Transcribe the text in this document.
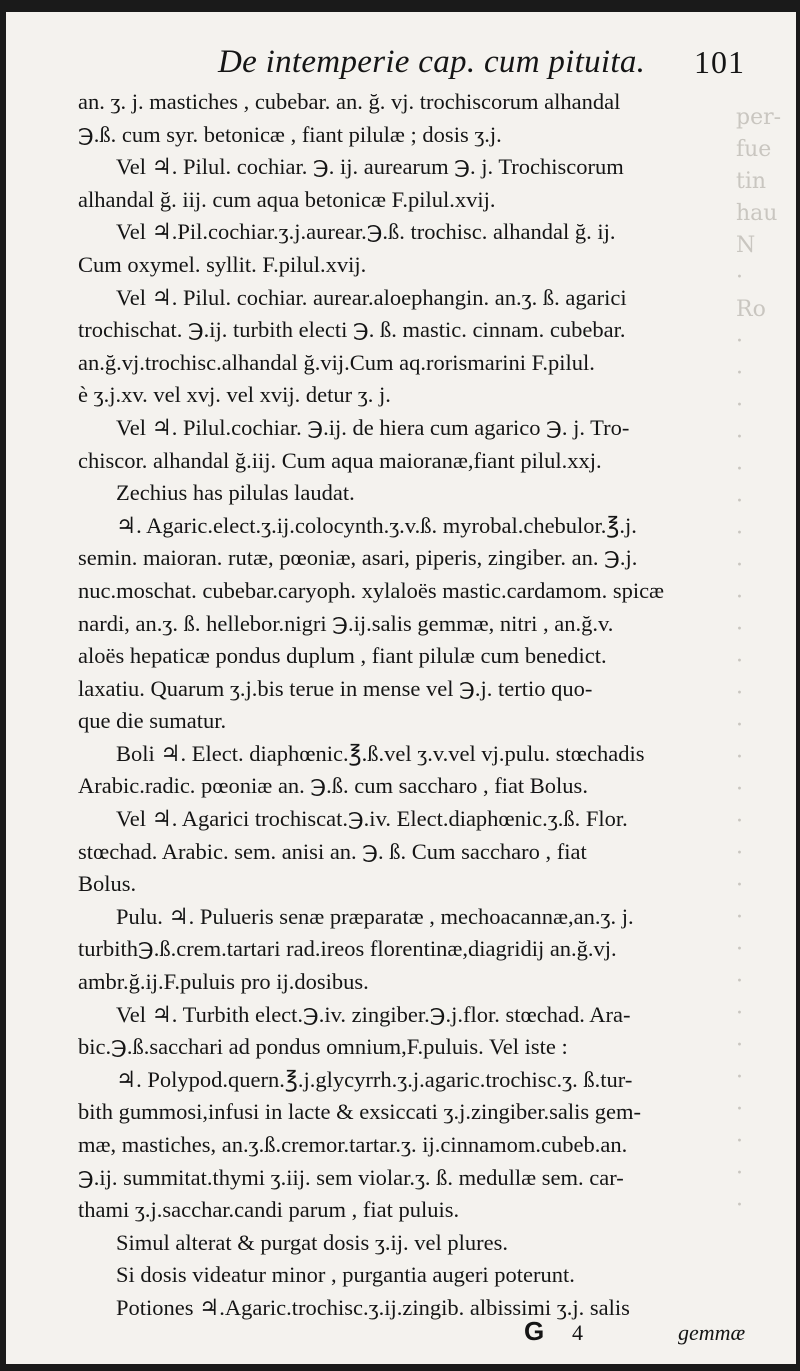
per-
fue
tin
hau
N
·
Ro
·
·
·
·
·
·
·
·
·
·
·
·
·
·
·
·
·
·
·
·
·
·
·
·
·
·
·
·
De intemperie cap. cum pituita. 101
an. ʒ. j. mastiches , cubebar. an. ğ. vj. trochiscorum alhandal
℈.ß. cum syr. betonicæ , fiant pilulæ ; dosis ʒ.j.
Vel ♃. Pilul. cochiar. ℈. ij. aurearum ℈. j. Trochiscorum
alhandal ğ. iij. cum aqua betonicæ F.pilul.xvij.
Vel ♃.Pil.cochiar.ʒ.j.aurear.℈.ß. trochisc. alhandal ğ. ij.
Cum oxymel. syllit. F.pilul.xvij.
Vel ♃. Pilul. cochiar. aurear.aloephangin. an.ʒ. ß. agarici
trochischat. ℈.ij. turbith electi ℈. ß. mastic. cinnam. cubebar.
an.ğ.vj.trochisc.alhandal ğ.vij.Cum aq.rorismarini F.pilul.
è ʒ.j.xv. vel xvj. vel xvij. detur ʒ. j.
Vel ♃. Pilul.cochiar. ℈.ij. de hiera cum agarico ℈. j. Tro-
chiscor. alhandal ğ.iij. Cum aqua maioranæ,fiant pilul.xxj.
Zechius has pilulas laudat.
♃. Agaric.elect.ʒ.ij.colocynth.ʒ.v.ß. myrobal.chebulor.℥.j.
semin. maioran. rutæ, pœoniæ, asari, piperis, zingiber. an. ℈.j.
nuc.moschat. cubebar.caryoph. xylaloës mastic.cardamom. spicæ
nardi, an.ʒ. ß. hellebor.nigri ℈.ij.salis gemmæ, nitri , an.ğ.v.
aloës hepaticæ pondus duplum , fiant pilulæ cum benedict.
laxatiu. Quarum ʒ.j.bis terue in mense vel ℈.j. tertio quo-
que die sumatur.
Boli ♃. Elect. diaphœnic.℥.ß.vel ʒ.v.vel vj.pulu. stœchadis
Arabic.radic. pœoniæ an. ℈.ß. cum saccharo , fiat Bolus.
Vel ♃. Agarici trochiscat.℈.iv. Elect.diaphœnic.ʒ.ß. Flor.
stœchad. Arabic. sem. anisi an. ℈. ß. Cum saccharo , fiat
Bolus.
Pulu. ♃. Pulueris senæ præparatæ , mechoacannæ,an.ʒ. j.
turbith℈.ß.crem.tartari rad.ireos florentinæ,diagridij an.ğ.vj.
ambr.ğ.ij.F.puluis pro ij.dosibus.
Vel ♃. Turbith elect.℈.iv. zingiber.℈.j.flor. stœchad. Ara-
bic.℈.ß.sacchari ad pondus omnium,F.puluis. Vel iste :
♃. Polypod.quern.℥.j.glycyrrh.ʒ.j.agaric.trochisc.ʒ. ß.tur-
bith gummosi,infusi in lacte & exsiccati ʒ.j.zingiber.salis gem-
mæ, mastiches, an.ʒ.ß.cremor.tartar.ʒ. ij.cinnamom.cubeb.an.
℈.ij. summitat.thymi ʒ.iij. sem violar.ʒ. ß. medullæ sem. car-
thami ʒ.j.sacchar.candi parum , fiat puluis.
Simul alterat & purgat dosis ʒ.ij. vel plures.
Si dosis videatur minor , purgantia augeri poterunt.
Potiones ♃.Agaric.trochisc.ʒ.ij.zingib. albissimi ʒ.j. salis
G 4	gemmæ
